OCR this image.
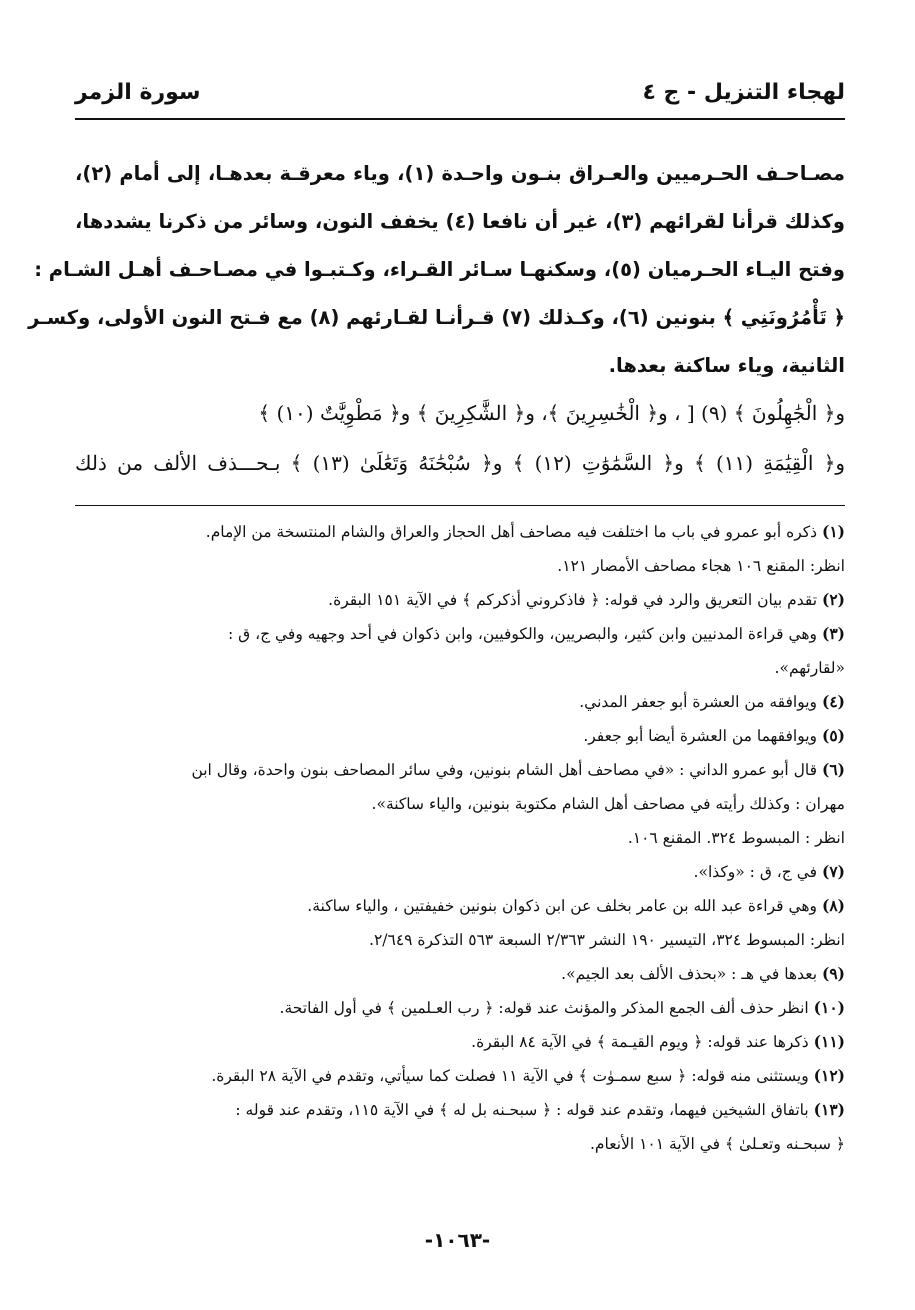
لهجاء التنزيل - ج ٤
سورة الزمر
مصـاحـف الحـرميين والعـراق بنـون واحـدة (١)، وياء معرقـة بعدهـا، إلى أمام (٢)،
وكذلك قرأنا لقرائهم (٣)، غير أن نافعا (٤) يخفف النون، وسائر من ذكرنا يشددها،
وفتح اليـاء الحـرميان (٥)، وسكنهـا سـائر القـراء، وكـتبـوا في مصـاحـف أهـل الشـام :
﴿ تَأْمُرُونَنِي ﴾ بنونين (٦)، وكـذلك (٧) قـرأنـا لقـارئهم (٨) مع فـتح النون الأولى، وكسـر
الثانية، وياء ساكنة بعدها.
و﴿ الْجَٰهِلُونَ ﴾ (٩) [ ، و﴿ الْخَٰسِرِينَ ﴾، و﴿ الشَّٰكِرِينَ ﴾ و﴿ مَطْوِيَّٰتٌ (١٠) ﴾
و﴿ الْقِيَٰمَةِ (١١) ﴾ و﴿ السَّمَٰوَٰتِ (١٢) ﴾ و﴿ سُبْحَٰنَهُ وَتَعَٰلَىٰ (١٣) ﴾ بـحـــذف الألف من ذلك
(١) ذكره أبو عمرو في باب ما اختلفت فيه مصاحف أهل الحجاز والعراق والشام المنتسخة من الإمام.
انظر: المقنع ١٠٦ هجاء مصاحف الأمصار ١٢١.
(٢) تقدم بيان التعريق والرد في قوله: ﴿ فاذكروني أذكركم ﴾ في الآية ١٥١ البقرة.
(٣) وهي قراءة المدنيين وابن كثير، والبصريين، والكوفيين، وابن ذكوان في أحد وجهيه وفي ج، ق :
«لقارئهم».
(٤) ويوافقه من العشرة أبو جعفر المدني.
(٥) ويوافقهما من العشرة أيضا أبو جعفر.
(٦) قال أبو عمرو الداني : «في مصاحف أهل الشام بنونين، وفي سائر المصاحف بنون واحدة، وقال ابن
مهران : وكذلك رأيته في مصاحف أهل الشام مكتوبة بنونين، والياء ساكنة».
انظر : المبسوط ٣٢٤. المقنع ١٠٦.
(٧) في ج، ق : «وكذا».
(٨) وهي قراءة عبد الله بن عامر بخلف عن ابن ذكوان بنونين خفيفتين ، والياء ساكنة.
انظر: المبسوط ٣٢٤، التيسير ١٩٠ النشر ٢/٣٦٣ السبعة ٥٦٣ التذكرة ٢/٦٤٩.
(٩) بعدها في هـ : «بحذف الألف بعد الجيم».
(١٠) انظر حذف ألف الجمع المذكر والمؤنث عند قوله: ﴿ رب العـلمين ﴾ في أول الفاتحة.
(١١) ذكرها عند قوله: ﴿ ويوم القيـمة ﴾ في الآية ٨٤ البقرة.
(١٢) ويستثنى منه قوله: ﴿ سبع سمـوٰت ﴾ في الآية ١١ فصلت كما سيأتي، وتقدم في الآية ٢٨ البقرة.
(١٣) باتفاق الشيخين فيهما، وتقدم عند قوله : ﴿ سبحـنه بل له ﴾ في الآية ١١٥، وتقدم عند قوله :
﴿ سبحـنه وتعـلىٰ ﴾ في الآية ١٠١ الأنعام.
-١٠٦٣-
